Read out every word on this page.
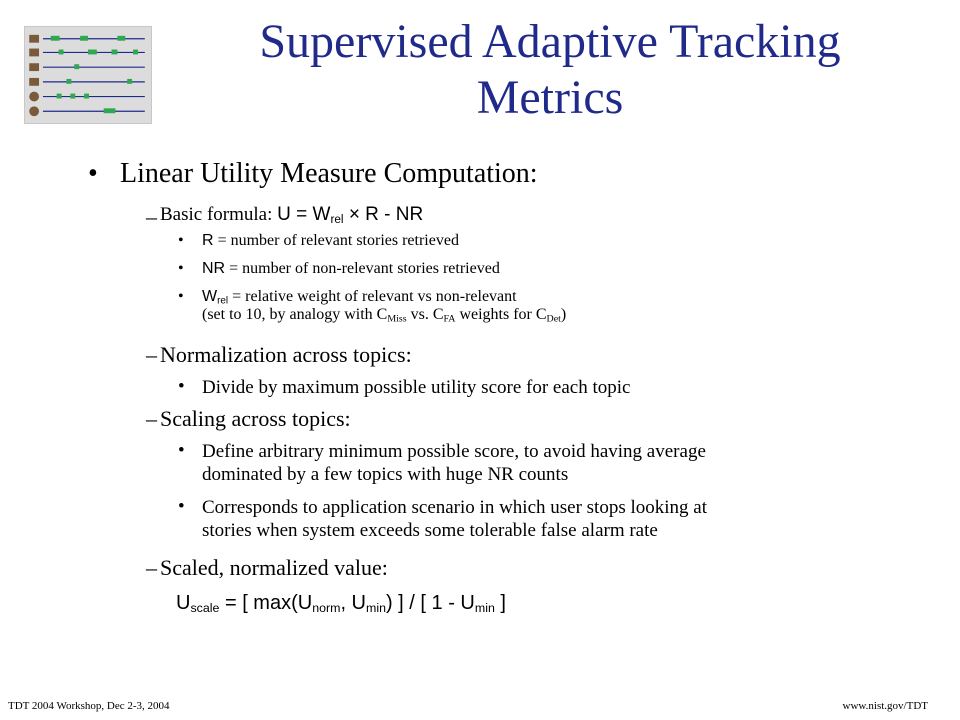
Supervised Adaptive Tracking
Metrics
• Linear Utility Measure Computation:
– Basic formula: $U = W_{rel} \times R$ - NR
• R = number of relevant stories retrieved
• NR = number of non-relevant stories retrieved
• $W_{rel}$ = relative weight of relevant vs non-relevant
(set to 10, by analogy with $C_{Miss}$ vs. $C_{FA}$ weights for $C_{Det}$)
– Normalization across topics:
• Divide by maximum possible utility score for each topic
– Scaling across topics:
• Define arbitrary minimum possible score, to avoid having average
dominated by a few topics with huge NR counts
• Corresponds to application scenario in which user stops looking at
stories when system exceeds some tolerable false alarm rate
– Scaled, normalized value:
$U_{scale}$ = [ $\max(U_{norm}$, $U_{min}$) ] / [ $1 - U_{min}$ ]
TDT 2004 Workshop, Dec 2-3, 2004	www.nist.gov/TDT
